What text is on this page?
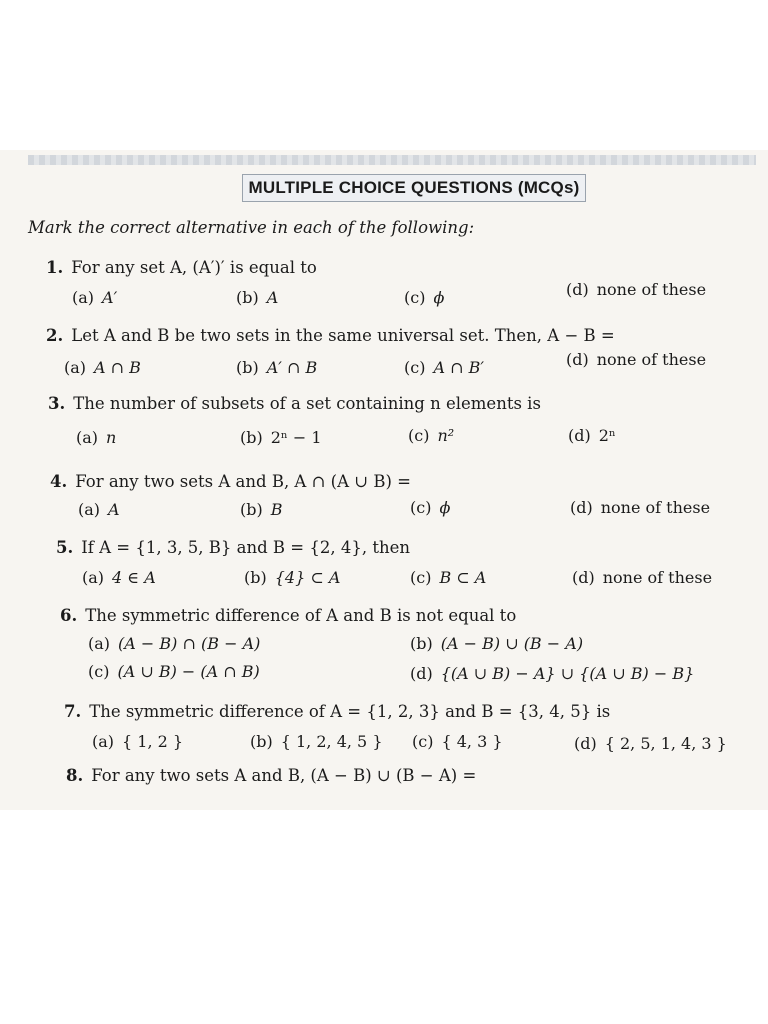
MULTIPLE CHOICE QUESTIONS (MCQs)
Mark the correct alternative in each of the following:
1. For any set A, (A′)′ is equal to
(a) A′	(b) A	(c) ϕ	(d) none of these
2. Let A and B be two sets in the same universal set. Then, A − B =
(a) A ∩ B	(b) A′ ∩ B	(c) A ∩ B′	(d) none of these
3. The number of subsets of a set containing n elements is
(a) n	(b) 2ⁿ − 1	(c) n²	(d) 2ⁿ
4. For any two sets A and B, A ∩ (A ∪ B) =
(a) A	(b) B	(c) ϕ	(d) none of these
5. If A = {1, 3, 5, B} and B = {2, 4}, then
(a) 4 ∈ A	(b) {4} ⊂ A	(c) B ⊂ A	(d) none of these
6. The symmetric difference of A and B is not equal to
(a) (A − B) ∩ (B − A)	(b) (A − B) ∪ (B − A)
(c) (A ∪ B) − (A ∩ B)	(d) {(A ∪ B) − A} ∪ {(A ∪ B) − B}
7. The symmetric difference of A = {1, 2, 3} and B = {3, 4, 5} is
(a) { 1, 2 }	(b) { 1, 2, 4, 5 } (c) { 4, 3 }	(d) { 2, 5, 1, 4, 3 }
8. For any two sets A and B, (A − B) ∪ (B − A) =
